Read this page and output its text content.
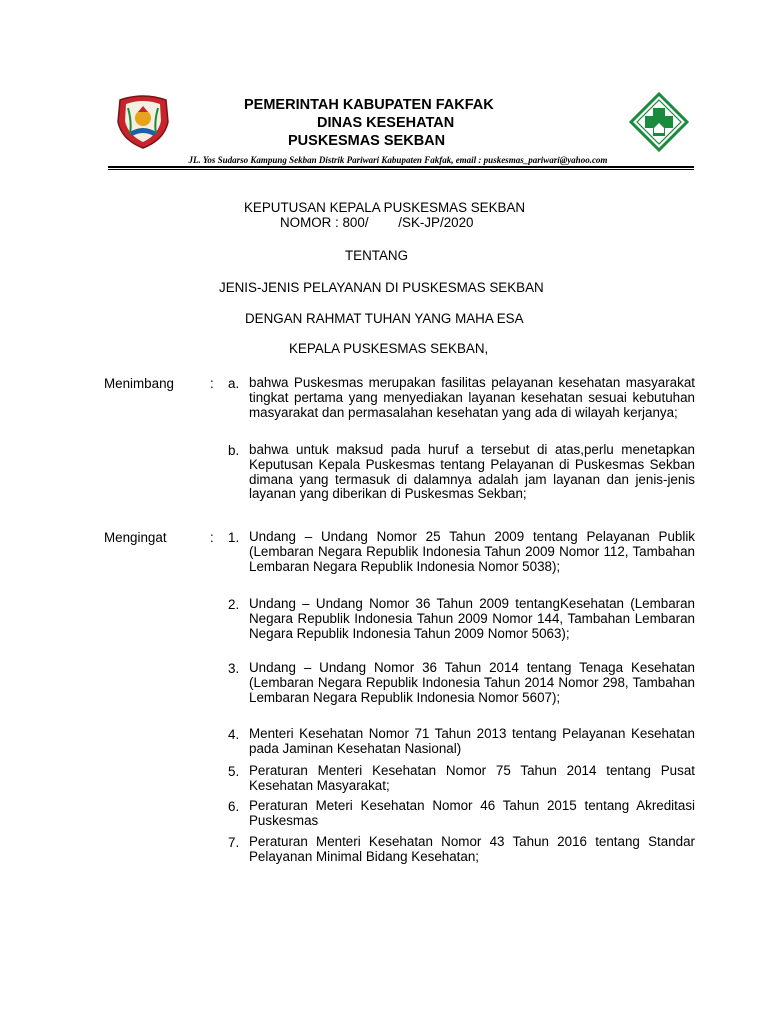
PEMERINTAH KABUPATEN FAKFAK
DINAS KESEHATAN
PUSKESMAS SEKBAN
JL. Yos Sudarso Kampung Sekban Distrik Pariwari Kabupaten Fakfak, email : puskesmas_pariwari@yahoo.com
KEPUTUSAN KEPALA PUSKESMAS SEKBAN
NOMOR : 800/        /SK-JP/2020
TENTANG
JENIS-JENIS PELAYANAN DI PUSKESMAS SEKBAN
DENGAN RAHMAT TUHAN YANG MAHA ESA
KEPALA PUSKESMAS SEKBAN,
Menimbang	: a. bahwa Puskesmas merupakan fasilitas pelayanan kesehatan masyarakat tingkat pertama yang menyediakan layanan kesehatan sesuai kebutuhan masyarakat dan permasalahan kesehatan yang ada di wilayah kerjanya;
b. bahwa untuk maksud pada huruf a tersebut di atas,perlu menetapkan Keputusan Kepala Puskesmas tentang Pelayanan di Puskesmas Sekban dimana yang termasuk di dalamnya adalah jam layanan dan jenis-jenis layanan yang diberikan di Puskesmas Sekban;
Mengingat	: 1. Undang – Undang Nomor 25 Tahun 2009 tentang Pelayanan Publik (Lembaran Negara Republik Indonesia Tahun 2009 Nomor 112, Tambahan Lembaran Negara Republik Indonesia Nomor 5038);
2. Undang – Undang Nomor 36 Tahun 2009 tentangKesehatan (Lembaran Negara Republik Indonesia Tahun 2009 Nomor 144, Tambahan Lembaran Negara Republik Indonesia Tahun 2009 Nomor 5063);
3. Undang – Undang Nomor 36 Tahun 2014 tentang Tenaga Kesehatan (Lembaran Negara Republik Indonesia Tahun 2014 Nomor 298, Tambahan Lembaran Negara Republik Indonesia Nomor 5607);
4. Menteri Kesehatan Nomor 71 Tahun 2013 tentang Pelayanan Kesehatan pada Jaminan Kesehatan Nasional)
5. Peraturan Menteri Kesehatan Nomor 75 Tahun 2014 tentang Pusat Kesehatan Masyarakat;
6. Peraturan Meteri Kesehatan Nomor 46 Tahun 2015 tentang Akreditasi Puskesmas
7. Peraturan Menteri Kesehatan Nomor 43 Tahun 2016 tentang Standar Pelayanan Minimal Bidang Kesehatan;
